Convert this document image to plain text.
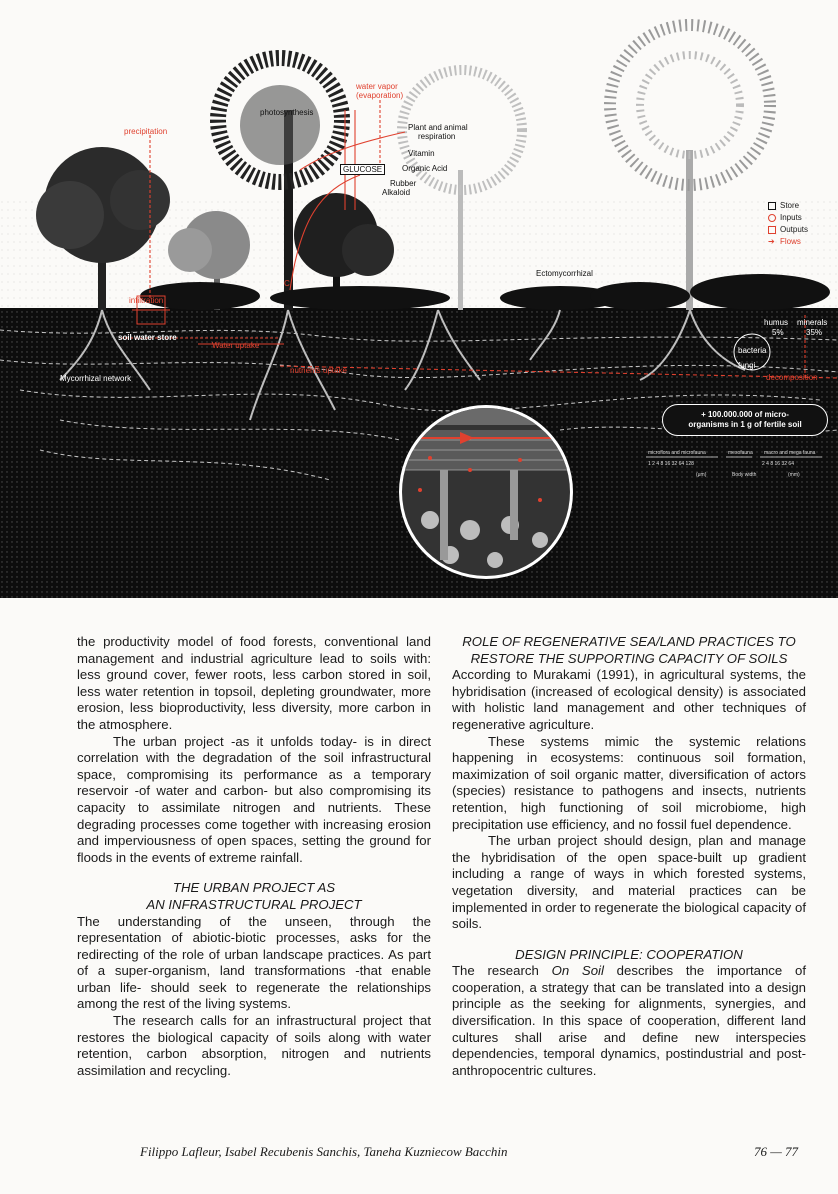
water vapor
(evaporation)
precipitation
photosynthesis
Plant and animal
respiration
Vitamin
Organic Acid
GLUCOSE
Rubber
Alkaloid
Ectomycorrhizal
C
infiltration
soil water store
Water uptake
nutrients uptake
Mycorrhizal network
humus
5%
minerals
35%
bacteria
fungi
decomposition
Store
Inputs
Outputs
➔ Flows
+ 100.000.000 of micro-
organisms in 1 g of fertile soil
microflora and microfauna	mesofauna macro and mega fauna
1 2 4 8 16 32 64 128	2 4 8 16 32 64
(μm)	Body width	(mm)

the productivity model of food forests, conventional land management and industrial agriculture lead to soils with: less ground cover, fewer roots, less carbon stored in soil, less water retention in topsoil, depleting groundwater, more erosion, less bioproductivity, less diversity, more carbon in the atmosphere.

The urban project -as it unfolds today- is in direct correlation with the degradation of the soil infrastructural space, compromising its performance as a temporary reservoir -of water and carbon- but also compromising its capacity to assimilate nitrogen and nutrients. These degrading processes come together with increasing erosion and imperviousness of open spaces, setting the ground for floods in the events of extreme rainfall.

THE URBAN PROJECT AS
AN INFRASTRUCTURAL PROJECT

The understanding of the unseen, through the representation of abiotic-biotic processes, asks for the redirecting of the role of urban landscape practices. As part of a super-organism, land transformations -that enable urban life- should seek to regenerate the relationships among the rest of the living systems.

The research calls for an infrastructural project that restores the biological capacity of soils along with water retention, carbon absorption, nitrogen and nutrients assimilation and recycling.

ROLE OF REGENERATIVE SEA/LAND PRACTICES TO
RESTORE THE SUPPORTING CAPACITY OF SOILS

According to Murakami (1991), in agricultural systems, the hybridisation (increased of ecological density) is associated with holistic land management and other techniques of regenerative agriculture.

These systems mimic the systemic relations happening in ecosystems: continuous soil formation, maximization of soil organic matter, diversification of actors (species) resistance to pathogens and insects, nutrients retention, high functioning of soil microbiome, high precipitation use efficiency, and no fossil fuel dependence.

The urban project should design, plan and manage the hybridisation of the open space-built up gradient including a range of ways in which forested systems, vegetation diversity, and material practices can be implemented in order to regenerate the biological capacity of soils.

DESIGN PRINCIPLE: COOPERATION

The research On Soil describes the importance of cooperation, a strategy that can be translated into a design principle as the seeking for alignments, synergies, and diversification. In this space of cooperation, different land cultures shall arise and define new interspecies dependencies, temporal dynamics, postindustrial and post-anthropocentric cultures.

Filippo Lafleur, Isabel Recubenis Sanchis, Taneha Kuzniecow Bacchin	76 — 77
